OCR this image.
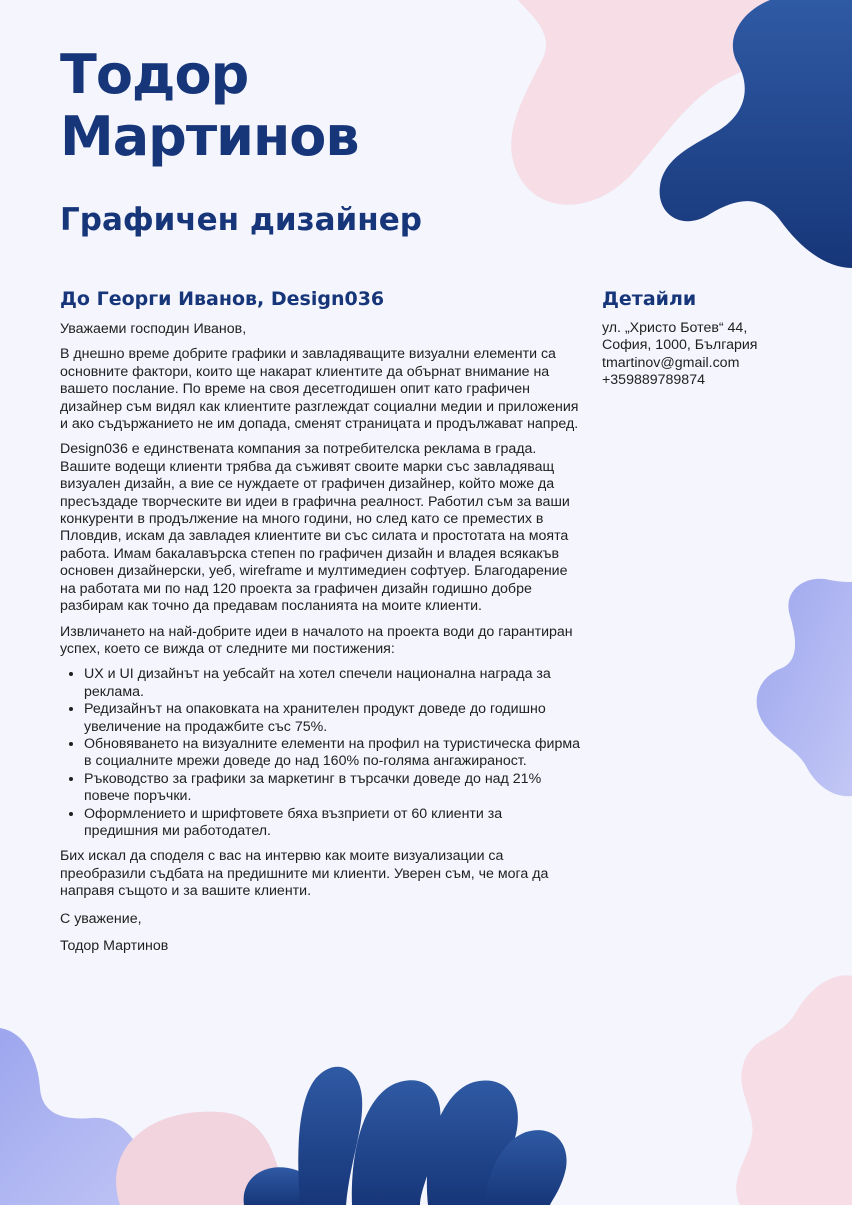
Тодор
Мартинов
Графичен дизайнер
До Георги Иванов, Design036

Уважаеми господин Иванов,

В днешно време добрите графики и завладяващите визуални елементи са основните фактори, които ще накарат клиентите да обърнат внимание на вашето послание. По време на своя десетгодишен опит като графичен дизайнер съм видял как клиентите разглеждат социални медии и приложения и ако съдържанието не им допада, сменят страницата и продължават напред.

Design036 е единствената компания за потребителска реклама в града. Вашите водещи клиенти трябва да съживят своите марки със завладяващ визуален дизайн, а вие се нуждаете от графичен дизайнер, който може да пресъздаде творческите ви идеи в графична реалност. Работил съм за ваши конкуренти в продължение на много години, но след като се преместих в Пловдив, искам да завладея клиентите ви със силата и простотата на моята работа. Имам бакалавърска степен по графичен дизайн и владея всякакъв основен дизайнерски, уеб, wireframe и мултимедиен софтуер. Благодарение на работата ми по над 120 проекта за графичен дизайн годишно добре разбирам как точно да предавам посланията на моите клиенти.

Извличането на най-добрите идеи в началото на проекта води до гарантиран успех, което се вижда от следните ми постижения:

• UX и UI дизайнът на уебсайт на хотел спечели национална награда за реклама.
• Редизайнът на опаковката на хранителен продукт доведе до годишно увеличение на продажбите със 75%.
• Обновяването на визуалните елементи на профил на туристическа фирма в социалните мрежи доведе до над 160% по-голяма ангажираност.
• Ръководство за графики за маркетинг в търсачки доведе до над 21% повече поръчки.
• Оформлението и шрифтовете бяха възприети от 60 клиенти за предишния ми работодател.

Бих искал да споделя с вас на интервю как моите визуализации са преобразили съдбата на предишните ми клиенти. Уверен съм, че мога да направя същото и за вашите клиенти.

С уважение,

Тодор Мартинов

Детайли
ул. „Христо Ботев“ 44,
София, 1000, България
tmartinov@gmail.com
+359889789874
